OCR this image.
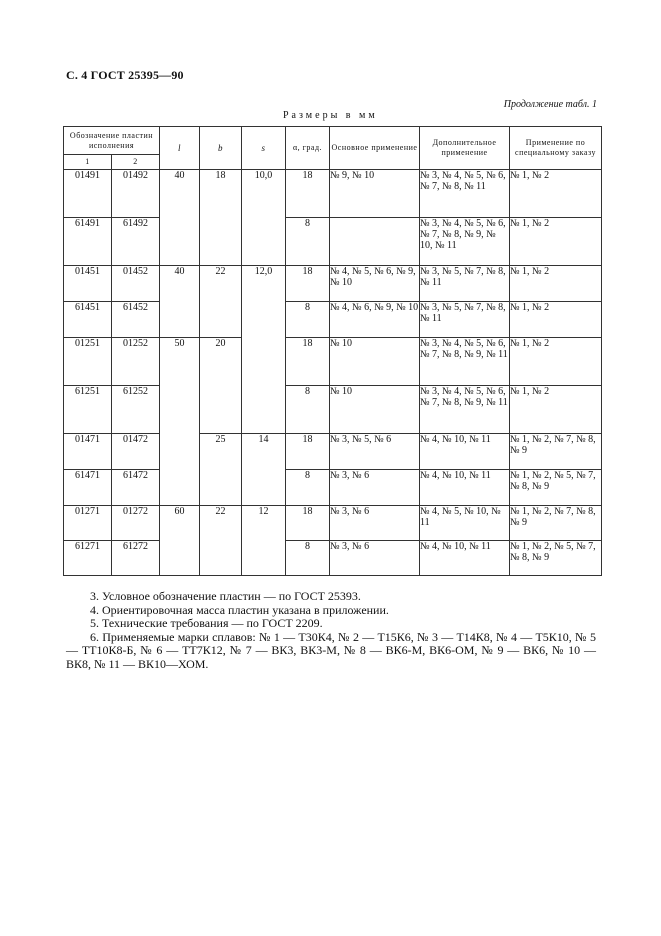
С. 4 ГОСТ 25395—90
Продолжение табл. 1
Размеры в мм
Обозначение пластин исполнения		l	b	s	α, град.	Основное применение	Дополнительное применение	Применение по специальному заказу
1	2							
01491	01492	40	18	10,0	18	№ 9, № 10	№ 3, № 4, № 5, № 6, № 7, № 8, № 11	№ 1, № 2
61491	61492				8		№ 3, № 4, № 5, № 6, № 7, № 8, № 9, № 10, № 11	№ 1, № 2
01451	01452	40	22	12,0	18	№ 4, № 5, № 6, № 9, № 10	№ 3, № 5, № 7, № 8, № 11	№ 1, № 2
61451	61452				8	№ 4, № 6, № 9, № 10	№ 3, № 5, № 7, № 8, № 11	№ 1, № 2
01251	01252	50	20		18	№ 10	№ 3, № 4, № 5, № 6, № 7, № 8, № 9, № 11	№ 1, № 2
61251	61252				8	№ 10	№ 3, № 4, № 5, № 6, № 7, № 8, № 9, № 11	№ 1, № 2
01471	01472		25	14	18	№ 3, № 5, № 6	№ 4, № 10, № 11	№ 1, № 2, № 7, № 8, № 9
61471	61472				8	№ 3, № 6	№ 4, № 10, № 11	№ 1, № 2, № 5, № 7, № 8, № 9
01271	01272	60	22	12	18	№ 3, № 6	№ 4, № 5, № 10, № 11	№ 1, № 2, № 7, № 8, № 9
61271	61272				8	№ 3, № 6	№ 4, № 10, № 11	№ 1, № 2, № 5, № 7, № 8, № 9

3. Условное обозначение пластин — по ГОСТ 25393.

4. Ориентировочная масса пластин указана в приложении.

5. Технические требования — по ГОСТ 2209.

6. Применяемые марки сплавов: № 1 — Т30К4, № 2 — Т15К6, № 3 — Т14К8, № 4 — Т5К10, № 5 — ТТ10К8-Б, № 6 — ТТ7К12, № 7 — ВК3, ВК3-М, № 8 — ВК6-М, ВК6-ОМ, № 9 — ВК6, № 10 — ВК8, № 11 — ВК10—ХОМ.
